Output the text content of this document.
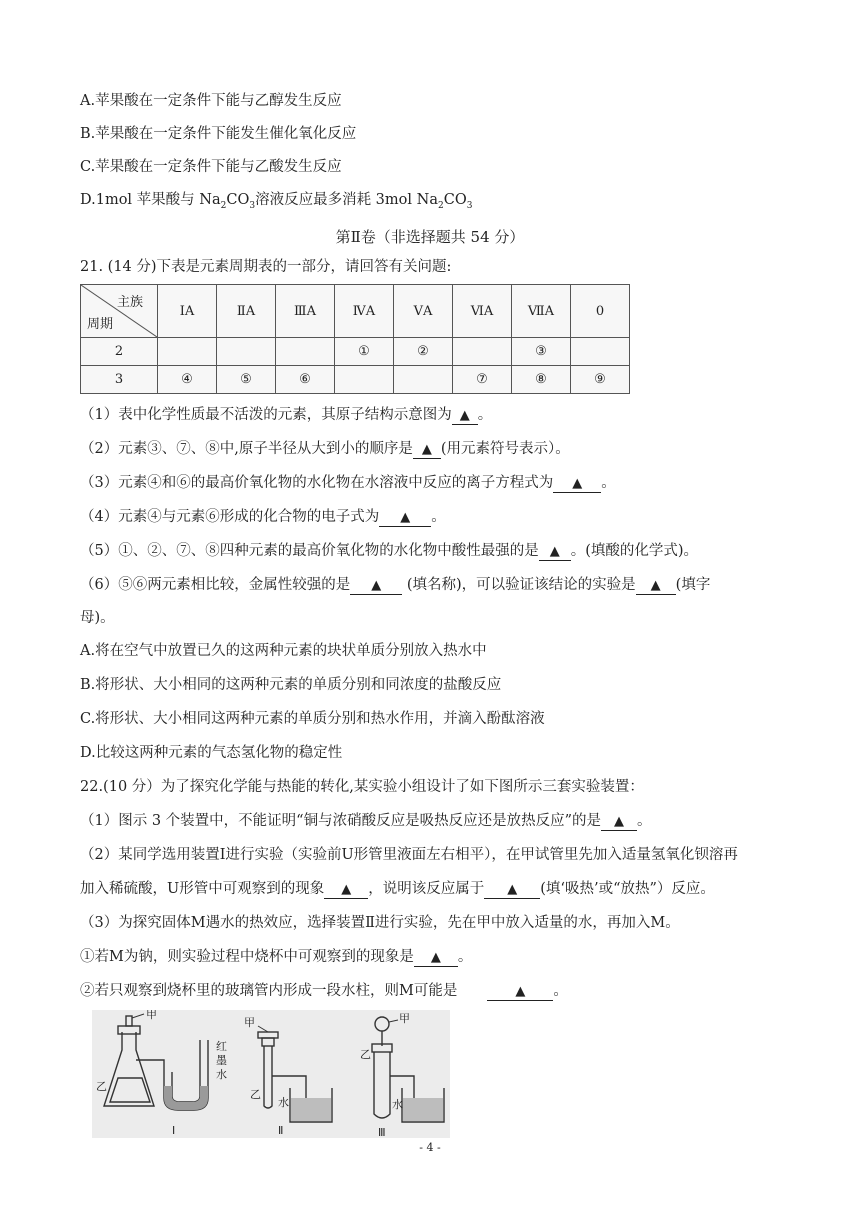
A.苹果酸在一定条件下能与乙醇发生反应
B.苹果酸在一定条件下能发生催化氧化反应
C.苹果酸在一定条件下能与乙酸发生反应
D.1mol 苹果酸与 $Na_2CO_3$溶液反应最多消耗 3mol $Na_2CO_3$
第Ⅱ卷（非选择题共 54 分）
21. (14 分)下表是元素周期表的一部分，请回答有关问题:
主族
周期	ⅠA	ⅡA	ⅢA	ⅣA	ⅤA	ⅥA	ⅦA	0
2				①	②		③	
3	④	⑤	⑥			⑦	⑧	⑨
（1）表中化学性质最不活泼的元素，其原子结构示意图为 ▲ 。
（2）元素③、⑦、⑧中,原子半径从大到小的顺序是 ▲ (用元素符号表示）。
（3）元素④和⑥的最高价氧化物的水化物在水溶液中反应的离子方程式为 ▲ 。
（4）元素④与元素⑥形成的化合物的电子式为 ▲ 。
（5）①、②、⑦、⑧四种元素的最高价氧化物的水化物中酸性最强的是 ▲ 。(填酸的化学式)。
（6）⑤⑥两元素相比较，金属性较强的是 ▲ (填名称)，可以验证该结论的实验是 ▲ (填字
母)。
A.将在空气中放置已久的这两种元素的块状单质分别放入热水中
B.将形状、大小相同的这两种元素的单质分别和同浓度的盐酸反应
C.将形状、大小相同这两种元素的单质分别和热水作用，并滴入酚酞溶液
D.比较这两种元素的气态氢化物的稳定性
22.(10 分）为了探究化学能与热能的转化,某实验小组设计了如下图所示三套实验装置：
（1）图示 3 个装置中，不能证明“铜与浓硝酸反应是吸热反应还是放热反应”的是 ▲ 。
（2）某同学选用装置Ⅰ进行实验（实验前U形管里液面左右相平），在甲试管里先加入适量氢氧化钡溶再
加入稀硫酸，U形管中可观察到的现象 ▲ ，说明该反应属于 ▲ (填‘吸热’或“放热”）反应。
（3）为探究固体M遇水的热效应，选择装置Ⅱ进行实验，先在甲中放入适量的水，再加入M。
①若M为钠，则实验过程中烧杯中可观察到的现象是 ▲ 。
②若只观察到烧杯里的玻璃管内形成一段水柱，则M可能是	▲ 。
甲
乙
红
墨
水
甲
乙
水
甲
乙
水
Ⅰ	Ⅱ	Ⅲ
- 4 -
